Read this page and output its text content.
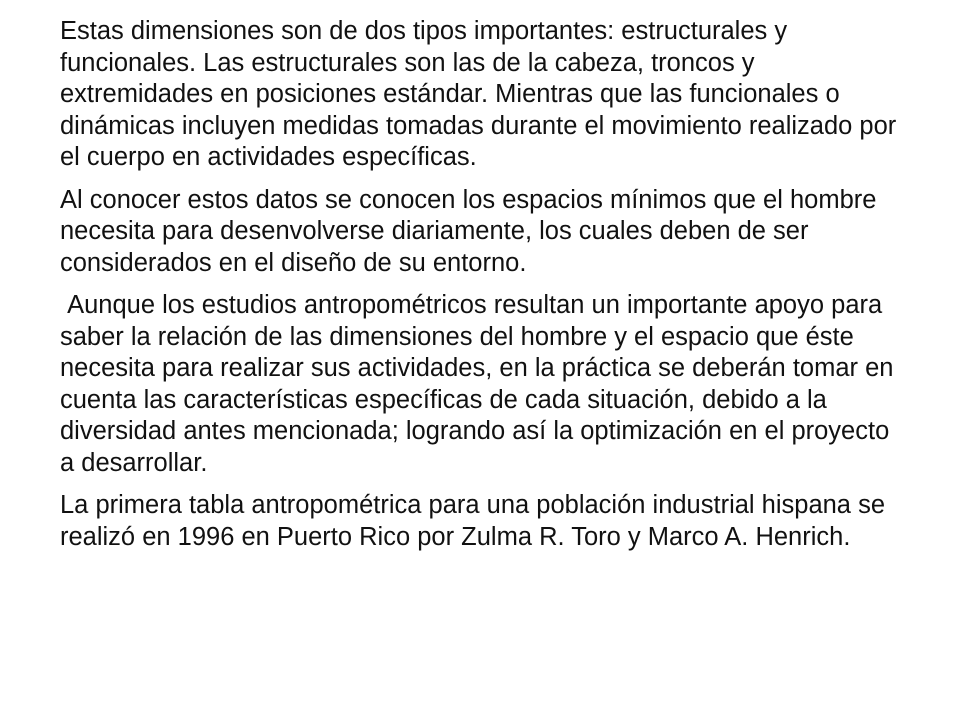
Estas dimensiones son de dos tipos importantes: estructurales y funcionales. Las estructurales son las de la cabeza, troncos y extremidades en posiciones estándar. Mientras que las funcionales o dinámicas incluyen medidas tomadas durante el movimiento realizado por el cuerpo en actividades específicas.

Al conocer estos datos se conocen los espacios mínimos que el hombre necesita para desenvolverse diariamente, los cuales deben de ser considerados en el diseño de su entorno.

Aunque los estudios antropométricos resultan un importante apoyo para saber la relación de las dimensiones del hombre y el espacio que éste necesita para realizar sus actividades, en la práctica se deberán tomar en cuenta las características específicas de cada situación, debido a la diversidad antes mencionada; logrando así la optimización en el proyecto a desarrollar.

La primera tabla antropométrica para una población industrial hispana se realizó en 1996 en Puerto Rico por Zulma R. Toro y Marco A. Henrich.
